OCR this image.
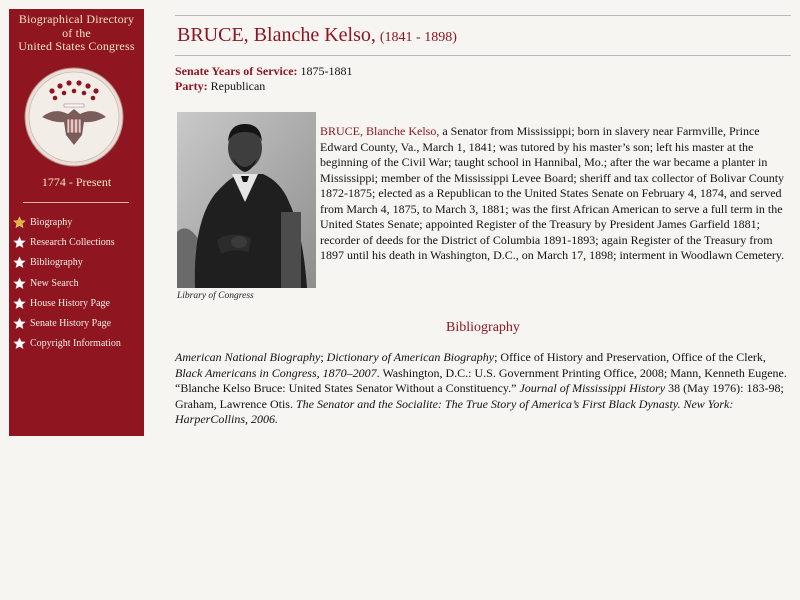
Biographical Directory
of the
United States Congress
1774 - Present
Biography
Research Collections
Bibliography
New Search
House History Page
Senate History Page
Copyright Information
BRUCE, Blanche Kelso, (1841 - 1898)
Senate Years of Service: 1875-1881
Party: Republican
Library of Congress

BRUCE, Blanche Kelso, a Senator from Mississippi; born in slavery near Farmville, Prince Edward County, Va., March 1, 1841; was tutored by his master’s son; left his master at the beginning of the Civil War; taught school in Hannibal, Mo.; after the war became a planter in Mississippi; member of the Mississippi Levee Board; sheriff and tax collector of Bolivar County 1872-1875; elected as a Republican to the United States Senate on February 4, 1874, and served from March 4, 1875, to March 3, 1881; was the first African American to serve a full term in the United States Senate; appointed Register of the Treasury by President James Garfield 1881; recorder of deeds for the District of Columbia 1891-1893; again Register of the Treasury from 1897 until his death in Washington, D.C., on March 17, 1898; interment in Woodlawn Cemetery.

Bibliography

American National Biography; Dictionary of American Biography; Office of History and Preservation, Office of the Clerk, Black Americans in Congress, 1870–2007. Washington, D.C.: U.S. Government Printing Office, 2008; Mann, Kenneth Eugene. “Blanche Kelso Bruce: United States Senator Without a Constituency.” Journal of Mississippi History 38 (May 1976): 183-98; Graham, Lawrence Otis. The Senator and the Socialite: The True Story of America’s First Black Dynasty. New York: HarperCollins, 2006.
